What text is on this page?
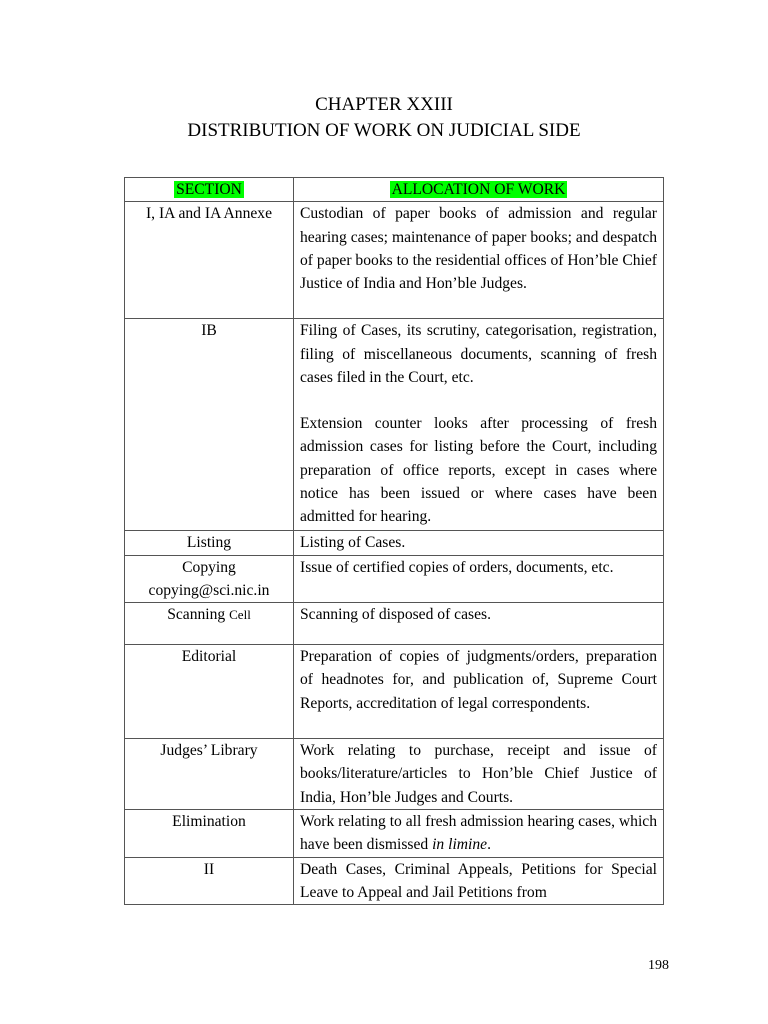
CHAPTER XXIII
DISTRIBUTION OF WORK ON JUDICIAL SIDE
SECTION	ALLOCATION OF WORK
I, IA and IA Annexe	Custodian of paper books of admission and regular hearing cases; maintenance of paper books; and despatch of paper books to the residential offices of Hon’ble Chief Justice of India and Hon’ble Judges.
IB	Filing of Cases, its scrutiny, categorisation, registration, filing of miscellaneous documents, scanning of fresh cases filed in the Court, etc.
Extension counter looks after processing of fresh admission cases for listing before the Court, including preparation of office reports, except in cases where notice has been issued or where cases have been admitted for hearing.

Listing	Listing of Cases.

Copying
copying@sci.nic.in	Issue of certified copies of orders, documents, etc.
Scanning Cell	Scanning of disposed of cases.
Editorial	Preparation of copies of judgments/orders, preparation of headnotes for, and publication of, Supreme Court Reports, accreditation of legal correspondents.
Judges’ Library	Work relating to purchase, receipt and issue of books/literature/articles to Hon’ble Chief Justice of India, Hon’ble Judges and Courts.
Elimination	Work relating to all fresh admission hearing cases, which have been dismissed in limine.
II	Death Cases, Criminal Appeals, Petitions for Special Leave to Appeal and Jail Petitions from
198
